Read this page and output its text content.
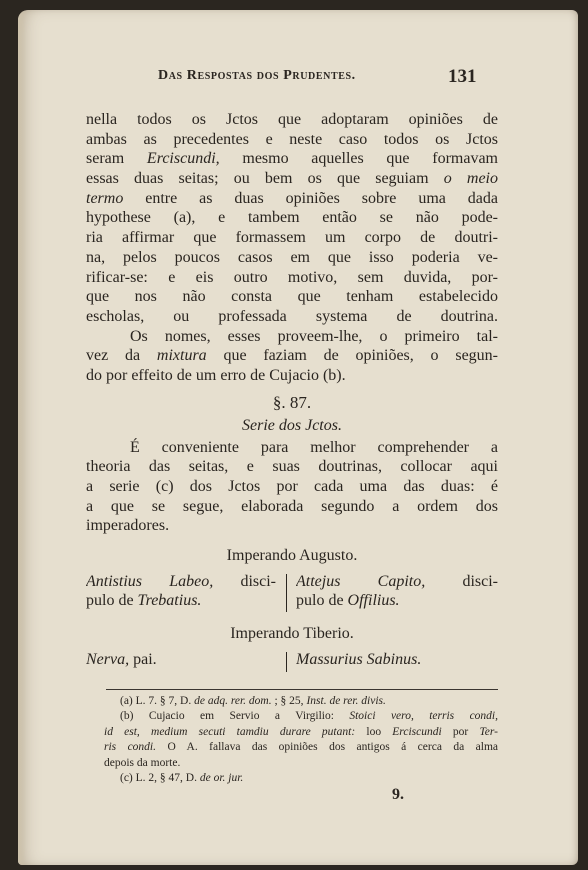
Das Respostas dos Prudentes.	131
nella todos os Jctos que adoptaram opiniões de
ambas as precedentes e neste caso todos os Jctos
seram Erciscundi, mesmo aquelles que formavam
essas duas seitas; ou bem os que seguiam o meio
termo entre as duas opiniões sobre uma dada
hypothese (a), e tambem então se não pode-
ria affirmar que formassem um corpo de doutri-
na, pelos poucos casos em que isso poderia ve-
rificar-se: e eis outro motivo, sem duvida, por-
que nos não consta que tenham estabelecido
escholas, ou professada systema de doutrina.
Os nomes, esses proveem-lhe, o primeiro tal-
vez da mixtura que faziam de opiniões, o segun-
do por effeito de um erro de Cujacio (b).
§. 87.
Serie dos Jctos.
É conveniente para melhor comprehender a
theoria das seitas, e suas doutrinas, collocar aqui
a serie (c) dos Jctos por cada uma das duas: é
a que se segue, elaborada segundo a ordem dos
imperadores.
Imperando Augusto.
Antistius Labeo, disci-
pulo de Trebatius.
Attejus Capito, disci-
pulo de Offilius.
Imperando Tiberio.
Nerva, pai.	Massurius Sabinus.
(a) L. 7. § 7, D. de adq. rer. dom. ; § 25, Inst. de rer. divis.
(b) Cujacio em Servio a Virgilio: Stoici vero, terris condi,
id est, medium secuti tamdiu durare putant: loo Erciscundi por Ter-
ris condi. O A. fallava das opiniões dos antigos á cerca da alma
depois da morte.
(c) L. 2, § 47, D. de or. jur.
9.
